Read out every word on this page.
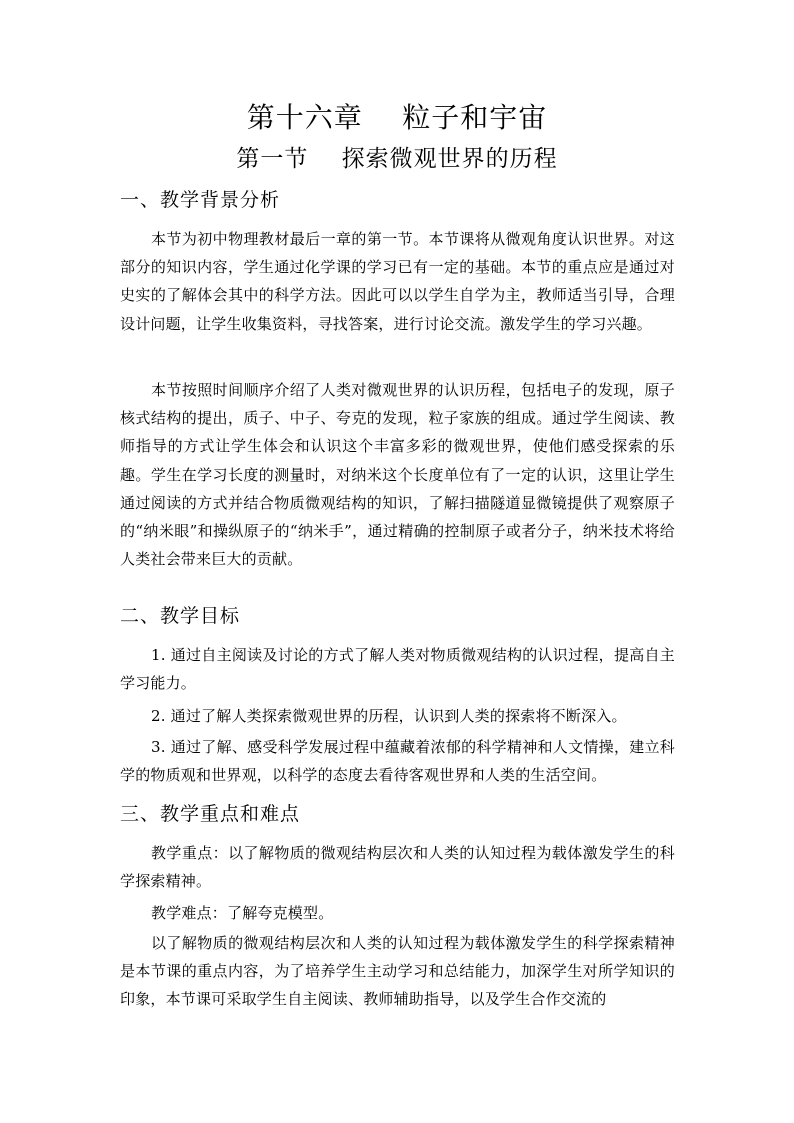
第十六章    粒子和宇宙
第一节    探索微观世界的历程
一、教学背景分析

本节为初中物理教材最后一章的第一节。本节课将从微观角度认识世界。对这部分的知识内容，学生通过化学课的学习已有一定的基础。本节的重点应是通过对史实的了解体会其中的科学方法。因此可以以学生自学为主，教师适当引导，合理设计问题，让学生收集资料，寻找答案，进行讨论交流。激发学生的学习兴趣。

本节按照时间顺序介绍了人类对微观世界的认识历程，包括电子的发现，原子核式结构的提出，质子、中子、夸克的发现，粒子家族的组成。通过学生阅读、教师指导的方式让学生体会和认识这个丰富多彩的微观世界，使他们感受探索的乐趣。学生在学习长度的测量时，对纳米这个长度单位有了一定的认识，这里让学生通过阅读的方式并结合物质微观结构的知识，了解扫描隧道显微镜提供了观察原子的“纳米眼”和操纵原子的“纳米手”，通过精确的控制原子或者分子，纳米技术将给人类社会带来巨大的贡献。

二、教学目标

1. 通过自主阅读及讨论的方式了解人类对物质微观结构的认识过程，提高自主学习能力。

2. 通过了解人类探索微观世界的历程，认识到人类的探索将不断深入。

3. 通过了解、感受科学发展过程中蕴藏着浓郁的科学精神和人文情操，建立科学的物质观和世界观，以科学的态度去看待客观世界和人类的生活空间。

三、教学重点和难点

教学重点：以了解物质的微观结构层次和人类的认知过程为载体激发学生的科学探索精神。

教学难点：了解夸克模型。

以了解物质的微观结构层次和人类的认知过程为载体激发学生的科学探索精神是本节课的重点内容，为了培养学生主动学习和总结能力，加深学生对所学知识的印象，本节课可采取学生自主阅读、教师辅助指导，以及学生合作交流的
